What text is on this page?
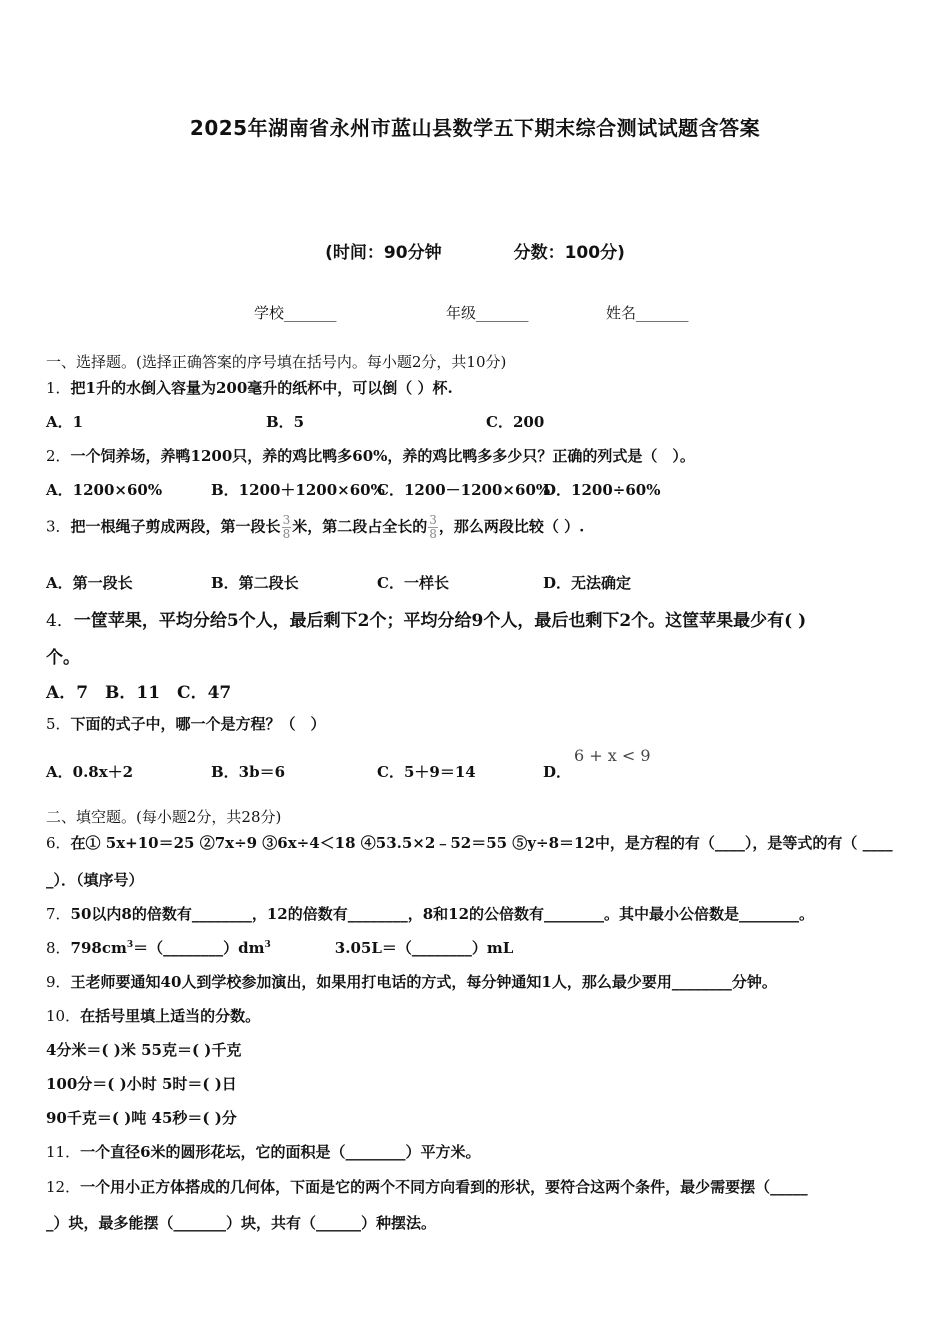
2025年湖南省永州市蓝山县数学五下期末综合测试试题含答案
(时间：90分钟	分数：100分)
学校_______	年级_______	姓名_______
一、选择题。(选择正确答案的序号填在括号内。每小题2分，共10分)
1．把1升的水倒入容量为200毫升的纸杯中，可以倒（ ）杯.
A．1	B．5	C．200
2．一个饲养场，养鸭1200只，养的鸡比鸭多60%，养的鸡比鸭多多少只？正确的列式是（　）。
A．1200×60%	B．1200＋1200×60%
C．1200－1200×60%
D．1200÷60%
3．把一根绳子剪成两段，第一段长 $\frac{3}{8}$ 米，第二段占全长的 $\frac{3}{8}$ ，那么两段比较（ ）.
A．第一段长	B．第二段长	C．一样长	D．无法确定
4．一筐苹果，平均分给5个人，最后剩下2个；平均分给9个人，最后也剩下2个。这筐苹果最少有( )
个。
A．7　B．11　C．47
5．下面的式子中，哪一个是方程？（　）
A．0.8x＋2	B．3b＝6	C．5＋9＝14	D．
6 + x < 9
二、填空题。(每小题2分，共28分)
6．在① 5x+10＝25 ②7x÷9 ③6x÷4＜18 ④53.5×2﹣52＝55 ⑤y÷8＝12中，是方程的有（____），是等式的有（ ____
_）．（填序号）
7．50以内8的倍数有________，12的倍数有________，8和12的公倍数有________。其中最小公倍数是________。
8．$798cm^3=(\_\_\_\_\_\_\_\_)dm^3$	3.05L＝（________）mL
9．王老师要通知40人到学校参加演出，如果用打电话的方式，每分钟通知1人，那么最少要用________分钟。
10．在括号里填上适当的分数。
4分米＝( )米 55克＝( )千克
100分＝( )小时 5时＝( )日
90千克＝( )吨 45秒＝( )分
11．一个直径6米的圆形花坛，它的面积是（________）平方米。
12．一个用小正方体搭成的几何体，下面是它的两个不同方向看到的形状，要符合这两个条件，最少需要摆（_____
_）块，最多能摆（_______）块，共有（______）种摆法。
